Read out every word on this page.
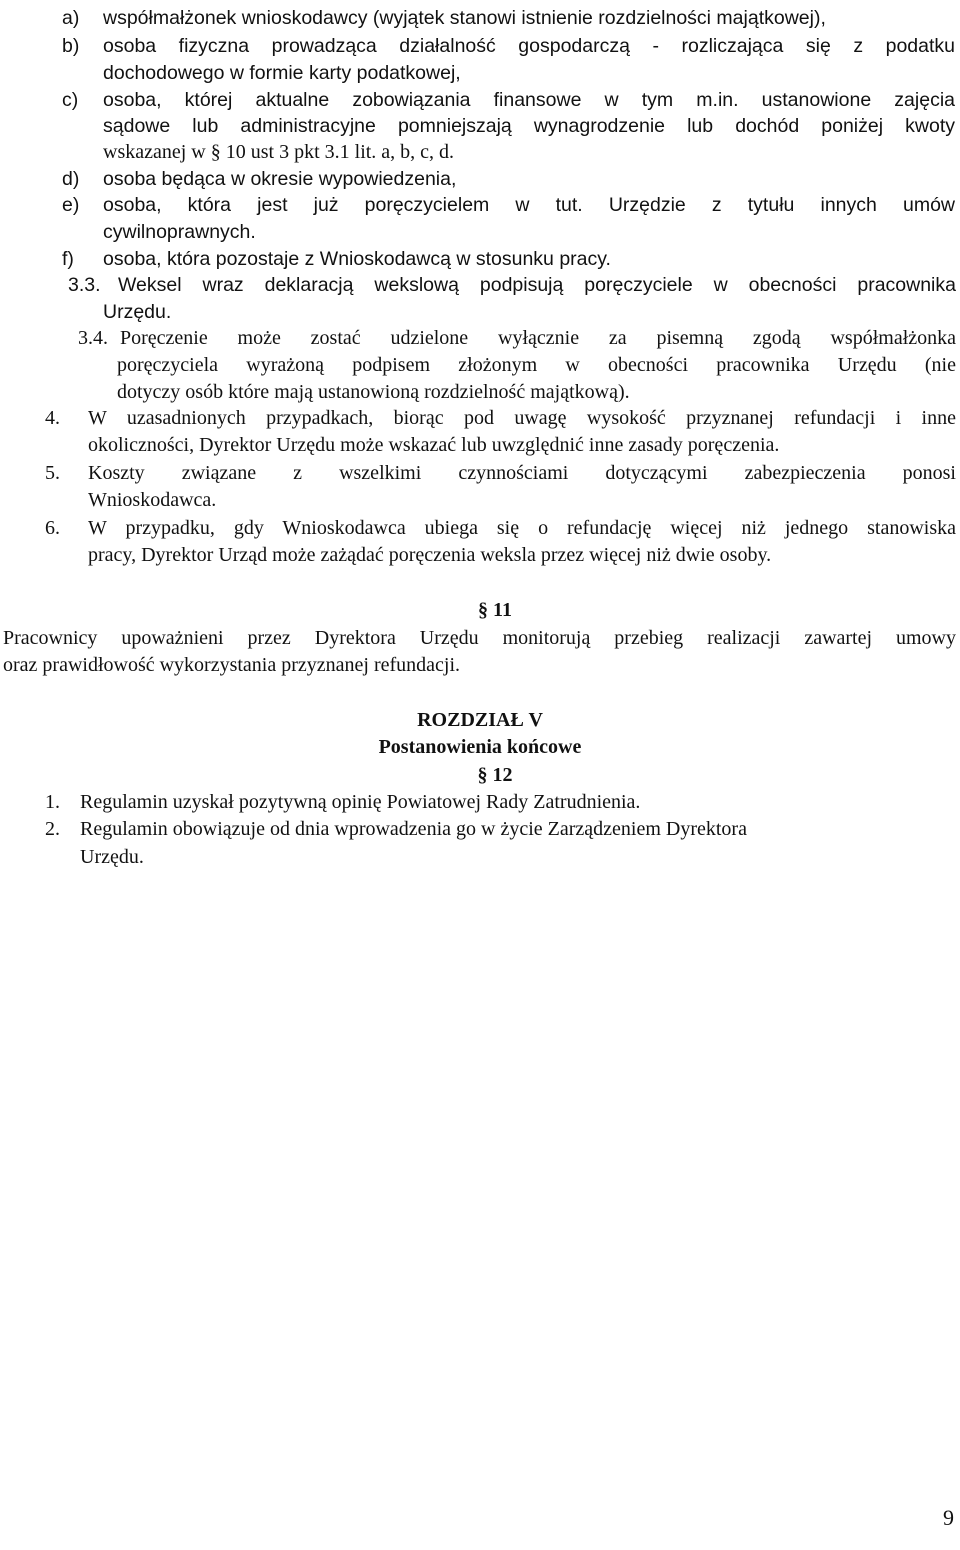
a) współmałżonek wnioskodawcy (wyjątek stanowi istnienie rozdzielności majątkowej),

b) osoba fizyczna prowadząca działalność gospodarczą - rozliczająca się z podatku

dochodowego w formie karty podatkowej,

c) osoba, której aktualne zobowiązania finansowe w tym m.in. ustanowione zajęcia

sądowe lub administracyjne pomniejszają wynagrodzenie lub dochód poniżej kwoty

wskazanej w § 10 ust 3 pkt 3.1 lit. a, b, c, d.

d) osoba będąca w okresie wypowiedzenia,

e) osoba, która jest już poręczycielem w tut. Urzędzie z tytułu innych umów

cywilnoprawnych.

f) osoba, która pozostaje z Wnioskodawcą w stosunku pracy.

3.3. Weksel wraz deklaracją wekslową podpisują poręczyciele w obecności pracownika

Urzędu.

3.4. Poręczenie może zostać udzielone wyłącznie za pisemną zgodą współmałżonka

poręczyciela wyrażoną podpisem złożonym w obecności pracownika Urzędu (nie

dotyczy osób które mają ustanowioną rozdzielność majątkową).

4. W uzasadnionych przypadkach, biorąc pod uwagę wysokość przyznanej refundacji i inne

okoliczności, Dyrektor Urzędu może wskazać lub uwzględnić inne zasady poręczenia.

5. Koszty związane z wszelkimi czynnościami dotyczącymi zabezpieczenia ponosi

Wnioskodawca.

6. W przypadku, gdy Wnioskodawca ubiega się o refundację więcej niż jednego stanowiska

pracy, Dyrektor Urząd może zażądać poręczenia weksla przez więcej niż dwie osoby.

§ 11

Pracownicy upoważnieni przez Dyrektora Urzędu monitorują przebieg realizacji zawartej umowy

oraz prawidłowość wykorzystania przyznanej refundacji.

ROZDZIAŁ V

Postanowienia końcowe

§ 12

1. Regulamin uzyskał pozytywną opinię Powiatowej Rady Zatrudnienia.

2. Regulamin obowiązuje od dnia wprowadzenia go w życie Zarządzeniem Dyrektora

Urzędu.

9
